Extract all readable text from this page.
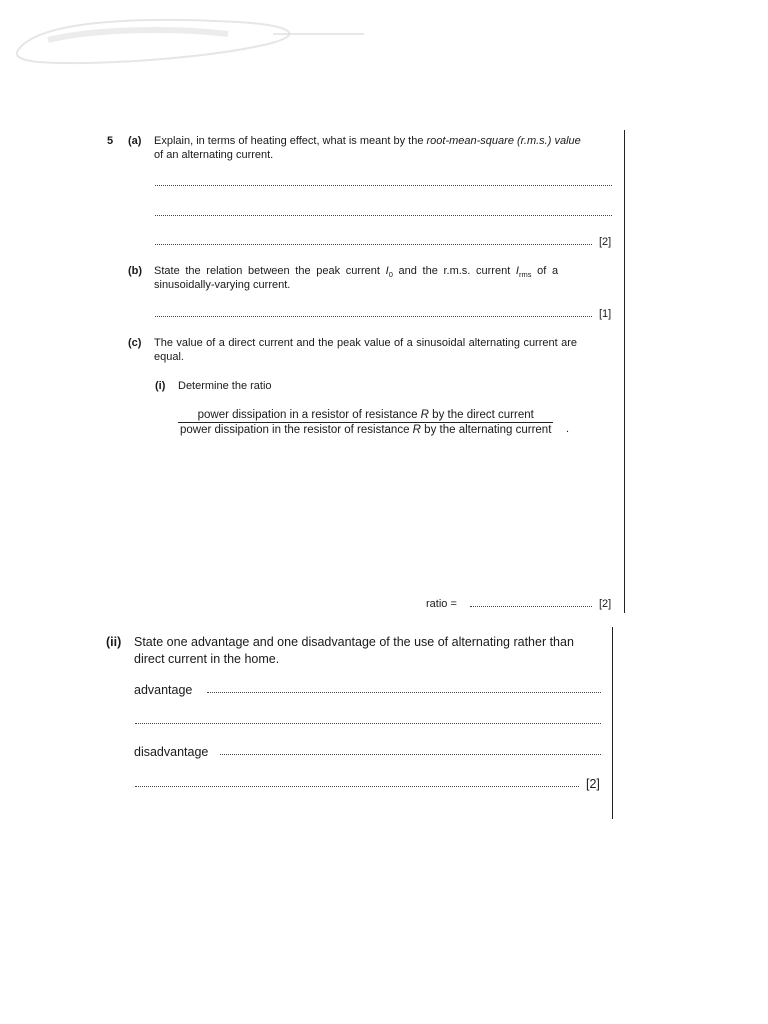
5 (a) Explain, in terms of heating effect, what is meant by the root-mean-square (r.m.s.) value
of an alternating current.
[2]
(b) State the relation between the peak current $I_0$ and the r.m.s. current $I_{rms}$ of a
sinusoidally-varying current.
[1]
(c) The value of a direct current and the peak value of a sinusoidal alternating current are
equal.
(i) Determine the ratio
power dissipation in a resistor of resistance R by the direct current
power dissipation in the resistor of resistance R by the alternating current .
ratio =	[2]
(ii) State one advantage and one disadvantage of the use of alternating rather than
direct current in the home.
advantage
disadvantage
[2]
